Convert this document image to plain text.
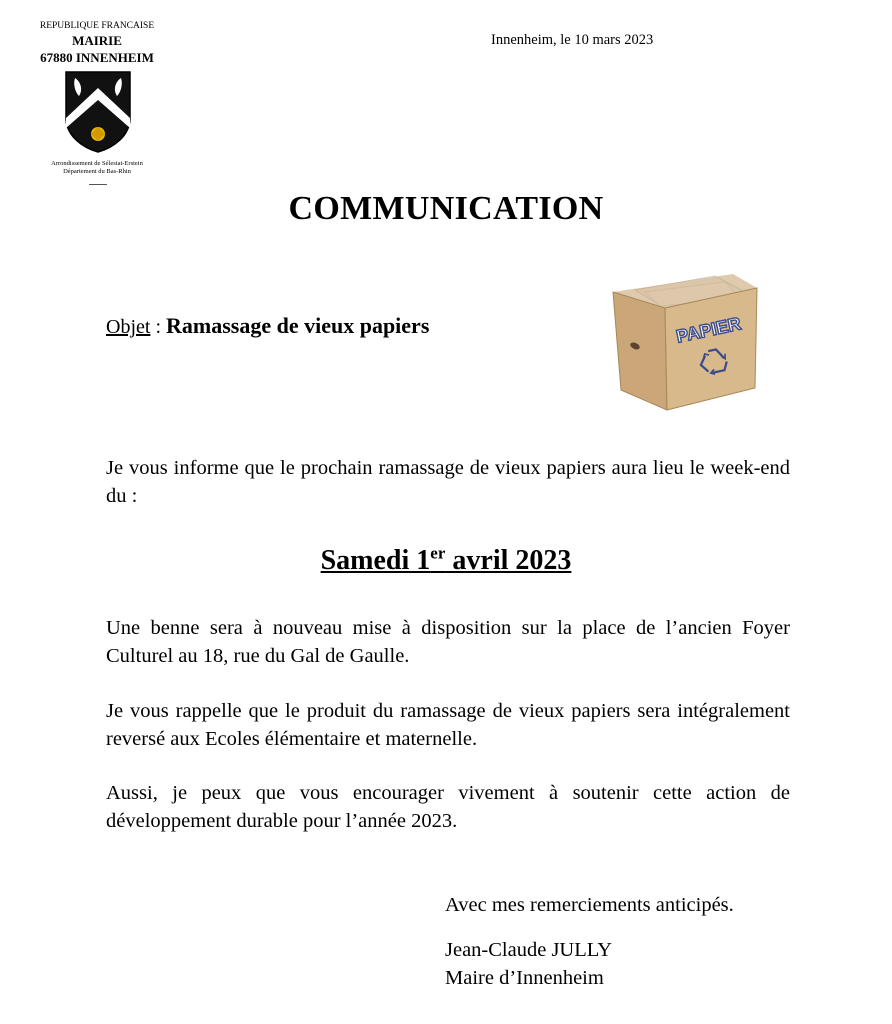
REPUBLIQUE FRANCAISE
MAIRIE
67880 INNENHEIM
Arrondissement de Sélestat-Erstein
Département du Bas-Rhin
Innenheim, le 10 mars 2023
COMMUNICATION
Objet : Ramassage de vieux papiers	PAPIER

Je vous informe que le prochain ramassage de vieux papiers aura lieu le week-end du :

Samedi 1er avril 2023

Une benne sera à nouveau mise à disposition sur la place de l’ancien Foyer Culturel au 18, rue du Gal de Gaulle.

Je vous rappelle que le produit du ramassage de vieux papiers sera intégralement reversé aux Ecoles élémentaire et maternelle.

Aussi, je peux que vous encourager vivement à soutenir cette action de développement durable pour l’année 2023.

Avec mes remerciements anticipés.
Jean-Claude JULLY
Maire d’Innenheim
